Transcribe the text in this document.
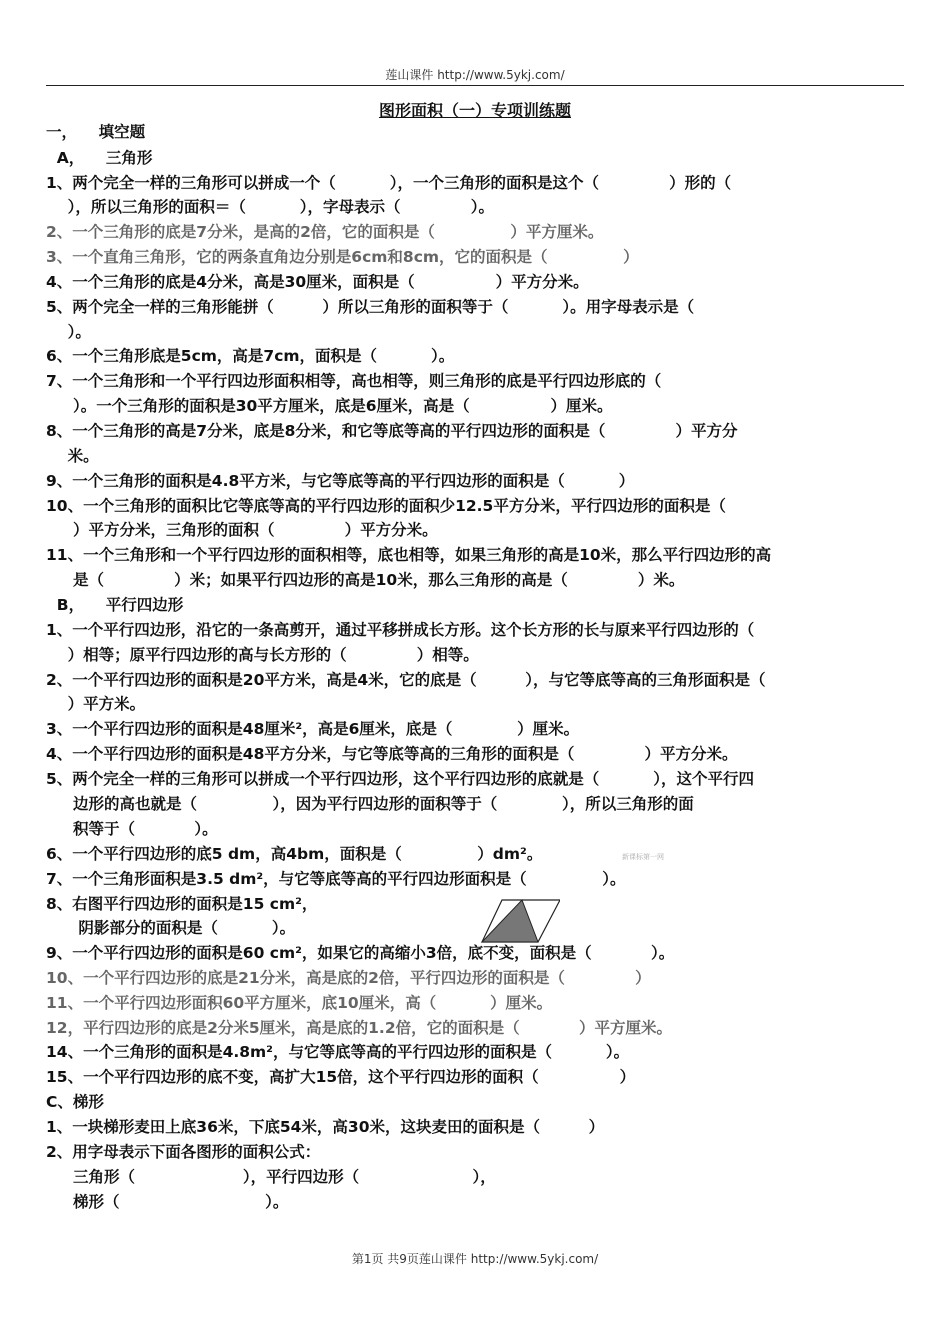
莲山课件 http://www.5ykj.com/
图形面积（一）专项训练题
一，    填空题
A，    三角形
1、两个完全一样的三角形可以拼成一个（          ），一个三角形的面积是这个（             ）形的（
），所以三角形的面积＝（          ），字母表示（             ）。
2、一个三角形的底是7分米，是高的2倍，它的面积是（              ）平方厘米。
3、一个直角三角形，它的两条直角边分别是6cm和8cm，它的面积是（              ）
4、一个三角形的底是4分米，高是30厘米，面积是（               ）平方分米。
5、两个完全一样的三角形能拼（         ）所以三角形的面积等于（          ）。用字母表示是（
）。
6、一个三角形底是5cm，高是7cm，面积是（          ）。
7、一个三角形和一个平行四边形面积相等，高也相等，则三角形的底是平行四边形底的（
）。一个三角形的面积是30平方厘米，底是6厘米，高是（               ）厘米。
8、一个三角形的高是7分米，底是8分米，和它等底等高的平行四边形的面积是（             ）平方分
米。
9、一个三角形的面积是4.8平方米，与它等底等高的平行四边形的面积是（          ）
10、一个三角形的面积比它等底等高的平行四边形的面积少12.5平方分米，平行四边形的面积是（
）平方分米，三角形的面积（             ）平方分米。
11、一个三角形和一个平行四边形的面积相等，底也相等，如果三角形的高是10米，那么平行四边形的高
是（             ）米；如果平行四边形的高是10米，那么三角形的高是（             ）米。
B，    平行四边形
1、一个平行四边形，沿它的一条高剪开，通过平移拼成长方形。这个长方形的长与原来平行四边形的（
）相等；原平行四边形的高与长方形的（             ）相等。
2、一个平行四边形的面积是20平方米，高是4米，它的底是（         ），与它等底等高的三角形面积是（
）平方米。
3、一个平行四边形的面积是48厘米²，高是6厘米，底是（            ）厘米。
4、一个平行四边形的面积是48平方分米，与它等底等高的三角形的面积是（             ）平方分米。
5、两个完全一样的三角形可以拼成一个平行四边形，这个平行四边形的底就是（          ），这个平行四
边形的高也就是（              ），因为平行四边形的面积等于（            ），所以三角形的面
积等于（           ）。
6、一个平行四边形的底5 dm，高4bm，面积是（              ）dm²。
7、一个三角形面积是3.5 dm²，与它等底等高的平行四边形面积是（              ）。
8、右图平行四边形的面积是15 cm²，
阴影部分的面积是（          ）。
9、一个平行四边形的面积是60 cm²，如果它的高缩小3倍，底不变，面积是（           ）。
10、一个平行四边形的底是21分米，高是底的2倍，平行四边形的面积是（             ）
11、一个平行四边形面积60平方厘米，底10厘米，高（          ）厘米。
12，平行四边形的底是2分米5厘米，高是底的1.2倍，它的面积是（           ）平方厘米。
14、一个三角形的面积是4.8m²，与它等底等高的平行四边形的面积是（          ）。
15、一个平行四边形的底不变，高扩大15倍，这个平行四边形的面积（               ）
C、梯形
1、一块梯形麦田上底36米，下底54米，高30米，这块麦田的面积是（         ）
2、用字母表示下面各图形的面积公式：
三角形（                    ），平行四边形（                     ），
梯形（                           ）。
新课标第一网
第1页 共9页莲山课件 http://www.5ykj.com/
